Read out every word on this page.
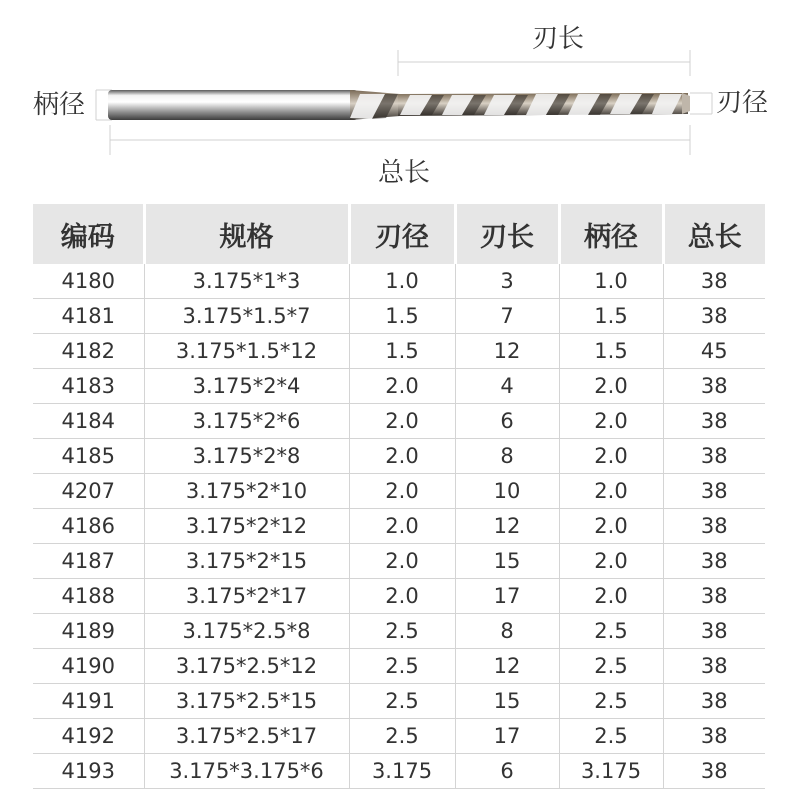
刃长
柄径	刃径
总长
编码	规格	刃径	刃长	柄径	总长
4180	3.175*1*3	1.0	3	1.0	38
4181	3.175*1.5*7	1.5	7	1.5	38
4182	3.175*1.5*12	1.5	12	1.5	45
4183	3.175*2*4	2.0	4	2.0	38
4184	3.175*2*6	2.0	6	2.0	38
4185	3.175*2*8	2.0	8	2.0	38
4207	3.175*2*10	2.0	10	2.0	38
4186	3.175*2*12	2.0	12	2.0	38
4187	3.175*2*15	2.0	15	2.0	38
4188	3.175*2*17	2.0	17	2.0	38
4189	3.175*2.5*8	2.5	8	2.5	38
4190	3.175*2.5*12	2.5	12	2.5	38
4191	3.175*2.5*15	2.5	15	2.5	38
4192	3.175*2.5*17	2.5	17	2.5	38
4193	3.175*3.175*6	3.175	6	3.175	38
